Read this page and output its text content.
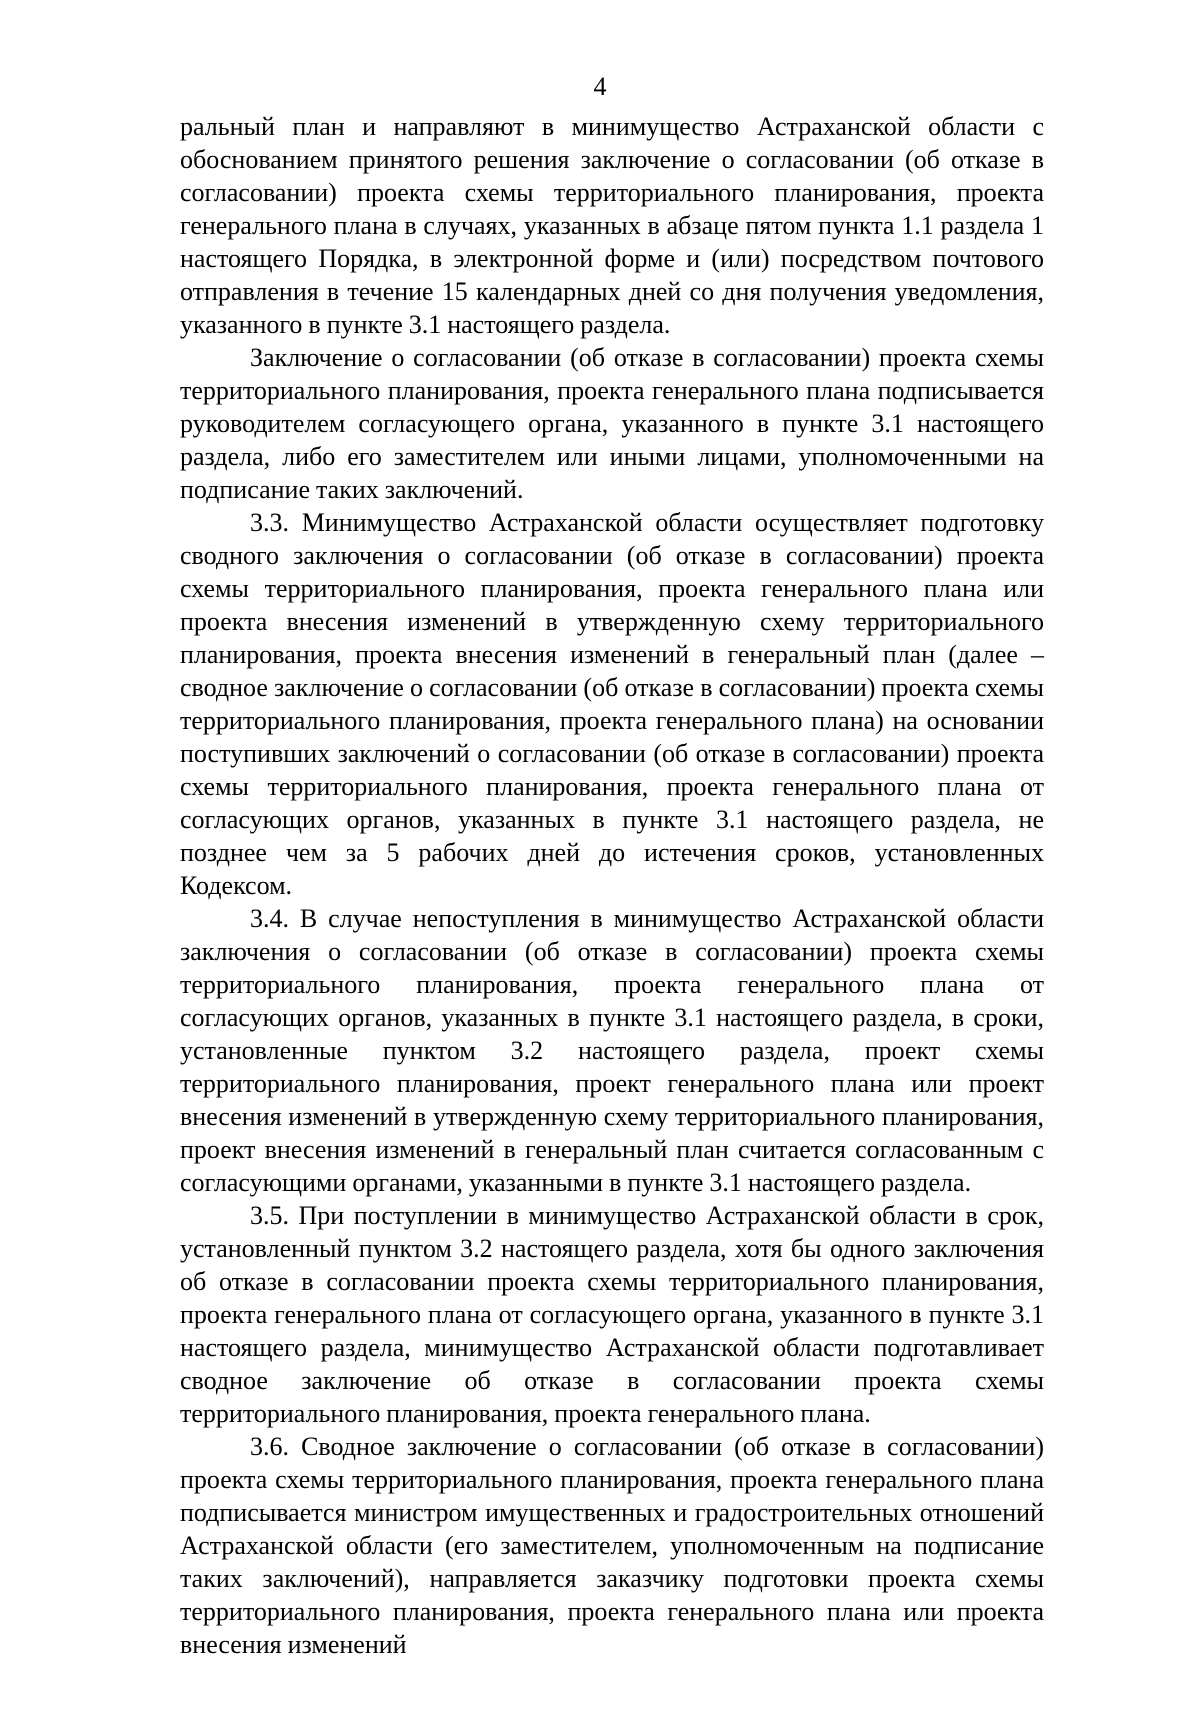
4

ральный план и направляют в минимущество Астраханской области с обоснованием принятого решения заключение о согласовании (об отказе в согласовании) проекта схемы территориального планирования, проекта генерального плана в случаях, указанных в абзаце пятом пункта 1.1 раздела 1 настоящего Порядка, в электронной форме и (или) посредством почтового отправления в течение 15 календарных дней со дня получения уведомления, указанного в пункте 3.1 настоящего раздела.

Заключение о согласовании (об отказе в согласовании) проекта схемы территориального планирования, проекта генерального плана подписывается руководителем согласующего органа, указанного в пункте 3.1 настоящего раздела, либо его заместителем или иными лицами, уполномоченными на подписание таких заключений.

3.3. Минимущество Астраханской области осуществляет подготовку сводного заключения о согласовании (об отказе в согласовании) проекта схемы территориального планирования, проекта генерального плана или проекта внесения изменений в утвержденную схему территориального планирования, проекта внесения изменений в генеральный план (далее – сводное заключение о согласовании (об отказе в согласовании) проекта схемы территориального планирования, проекта генерального плана) на основании поступивших заключений о согласовании (об отказе в согласовании) проекта схемы территориального планирования, проекта генерального плана от согласующих органов, указанных в пункте 3.1 настоящего раздела, не позднее чем за 5 рабочих дней до истечения сроков, установленных Кодексом.

3.4. В случае непоступления в минимущество Астраханской области заключения о согласовании (об отказе в согласовании) проекта схемы территориального планирования, проекта генерального плана от согласующих органов, указанных в пункте 3.1 настоящего раздела, в сроки, установленные пунктом 3.2 настоящего раздела, проект схемы территориального планирования, проект генерального плана или проект внесения изменений в утвержденную схему территориального планирования, проект внесения изменений в генеральный план считается согласованным с согласующими органами, указанными в пункте 3.1 настоящего раздела.

3.5. При поступлении в минимущество Астраханской области в срок, установленный пунктом 3.2 настоящего раздела, хотя бы одного заключения об отказе в согласовании проекта схемы территориального планирования, проекта генерального плана от согласующего органа, указанного в пункте 3.1 настоящего раздела, минимущество Астраханской области подготавливает сводное заключение об отказе в согласовании проекта схемы территориального планирования, проекта генерального плана.

3.6. Сводное заключение о согласовании (об отказе в согласовании) проекта схемы территориального планирования, проекта генерального плана подписывается министром имущественных и градостроительных отношений Астраханской области (его заместителем, уполномоченным на подписание таких заключений), направляется заказчику подготовки проекта схемы территориального планирования, проекта генерального плана или проекта внесения изменений
